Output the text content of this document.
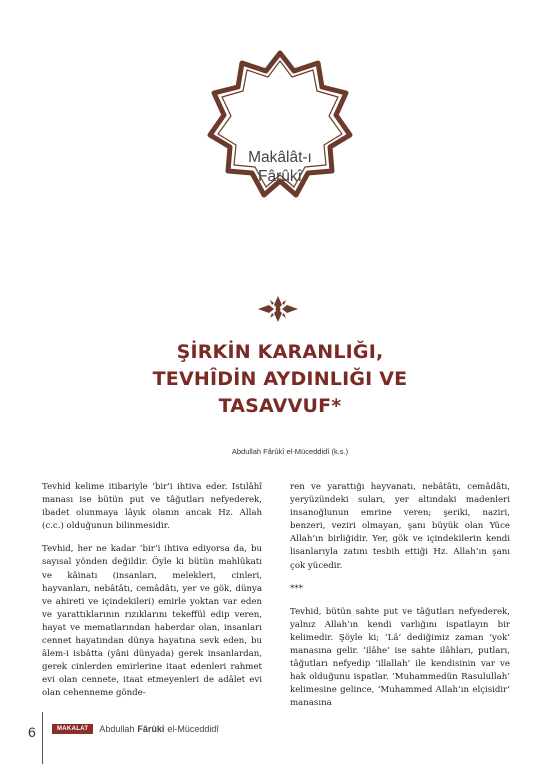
Makâlât-ı
Fârûkî
ŞİRKİN KARANLIĞI,
TEVHÎDİN AYDINLIĞI VE
TASAVVUF*
Abdullah Fârûkî el-Müceddidî (k.s.)

Tevhid kelime itibariyle ’bir’i ihtiva eder. Istılâhî manası ise bütün put ve tâğutları nefyederek, ibadet olunmaya lâyık olanın ancak Hz. Allah (c.c.) olduğunun bilinmesidir.

Tevhid, her ne kadar ’bir’i ihtiva ediyorsa da, bu sayısal yönden değildir. Öyle ki bütün mahlûkatı ve kâinatı (insanları, melekleri, cinleri, hayvanları, nebâtâtı, cemâdâtı, yer ve gök, dünya ve ahireti ve içindekileri) emirle yoktan var eden ve yarattıklarının rızıklarını tekeffül edip veren, hayat ve mematlarından haberdar olan, insanları cennet hayatından dünya hayatına sevk eden, bu âlem-i isbâtta (yâni dünyada) gerek insanlardan, gerek cinlerden emirlerine itaat edenleri rahmet evi olan cennete, itaat etmeyenleri de adâlet evi olan cehenneme gönde-

ren ve yarattığı hayvanatı, nebâtâtı, cemâdâtı, yeryüzündeki suları, yer altındaki madenleri insanoğlunun emrine veren; şeriki, naziri, benzeri, veziri olmayan, şanı büyük olan Yüce Allah’ın birliğidir. Yer, gök ve içindekilerin kendi lisanlarıyla zatını tesbih ettiği Hz. Allah’ın şanı çok yücedir.

***

Tevhid, bütün sahte put ve tâğutları nefyederek, yalnız Allah’ın kendi varlığını ispatlayın bir kelimedir. Şöyle ki; ’Lâ’ dediğimiz zaman ’yok’ manasına gelir. ’ilâhe’ ise sahte ilâhları, putları, tâğutları nefyedip ’illallah’ ile kendisinin var ve hak olduğunu ispatlar. ’Muhammedün Rasulullah’ kelimesine gelince, ‘Muhammed Allah’ın elçisidir’ manasına

6	MAKALAT	Abdullah Fârûkî el-Müceddidî
